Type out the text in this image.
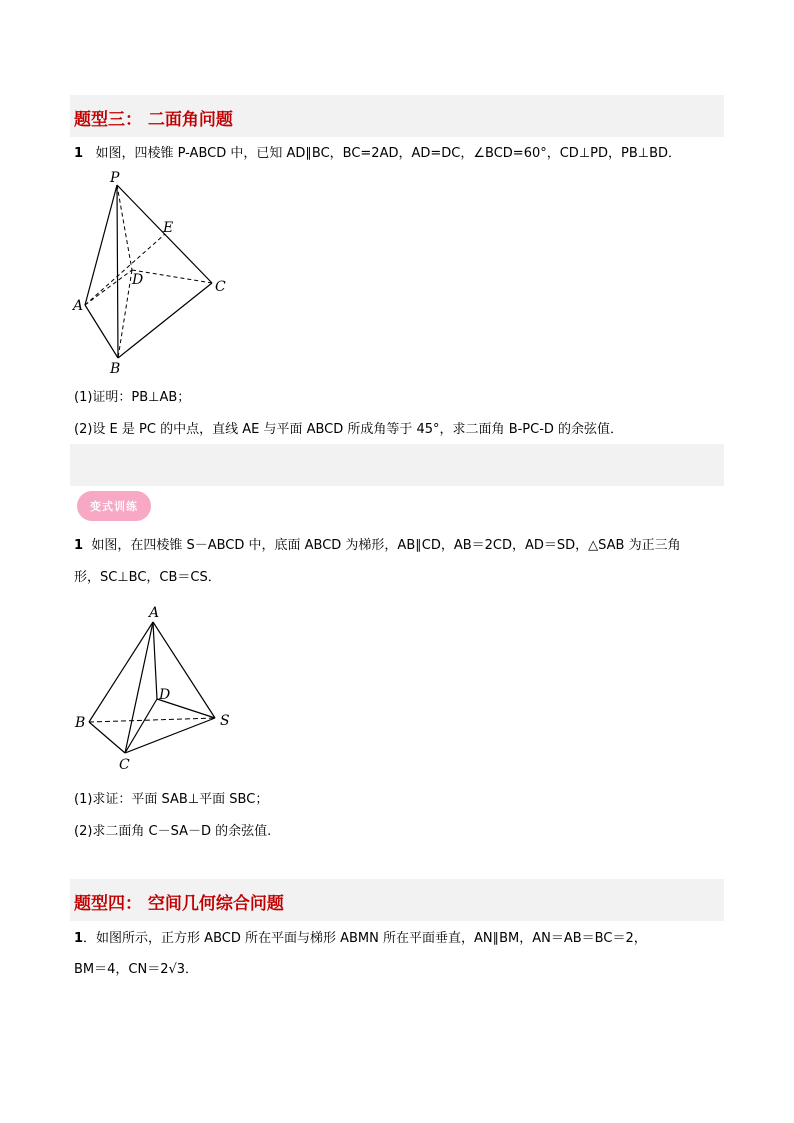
题型三： 二面角问题
1 如图，四棱锥 P-ABCD 中，已知 AD∥BC，BC=2AD，AD=DC，∠BCD=60°，CD⊥PD，PB⊥BD．
P
E
D	C
A
B
(1)证明：PB⊥AB；
(2)设 E 是 PC 的中点，直线 AE 与平面 ABCD 所成角等于 45°，求二面角 B-PC-D 的余弦值．
变式训练
1 如图，在四棱锥 S－ABCD 中，底面 ABCD 为梯形，AB∥CD，AB＝2CD，AD＝SD，△SAB 为正三角
形，SC⊥BC，CB＝CS．
A
D
B	S
C
(1)求证：平面 SAB⊥平面 SBC；
(2)求二面角 C－SA－D 的余弦值.
题型四： 空间几何综合问题
1．如图所示，正方形 ABCD 所在平面与梯形 ABMN 所在平面垂直，AN∥BM，AN＝AB＝BC＝2，
BM＝4，CN＝2√3．
